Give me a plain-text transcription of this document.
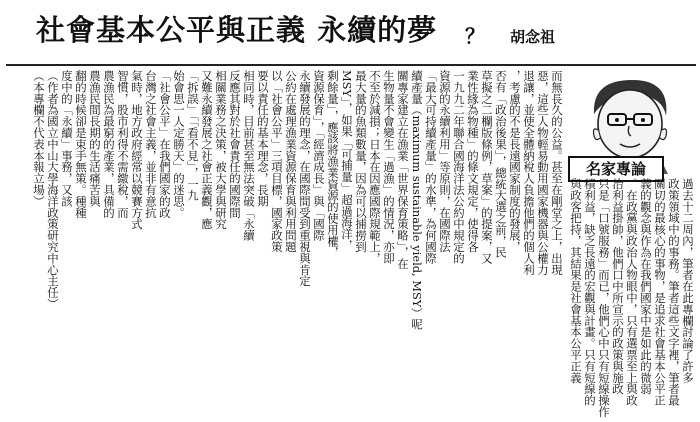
社會基本公平與正義 永續的夢 ？ 胡念祖
名家專論
過去十二周內，筆者在此專欄討論了許多
政策領域中的事務。筆者這些文字裡，筆者最
關切的最核心的事物，是追求社會基本公平正
義的觀念與作為在我們國家中是如此的微弱
。在政黨與政治人物眼中，只有選票至上與政
治利益掛帥，他們口中所宣示的政策與施政
只是「口號服務」而已，他們心中只有短線操作
積利益，缺乏長遠的宏觀與計畫。只有短線的
與政客把持，其結果是社會基本公平正義
而無長久的公益。甚至在剛堂之上，出現
惡，這些人物輕易動用國家機器與公權力
退讓，並使全體納稅人負擔他們的個人利
，考慮的不是長遠國家制度的發展，
否有「政治後果」，總統大選之前，民
草擬之二欄版條例，草案」的提案，又
業性緣為物種」的條文規定，使得各
一九九二年聯合國海洋法公約中規定的
資源的永續利用」等原則，在國際法
「最大可持續產量」的水準，為何國際
續產量（maximum sustainable yield, MSY）呢
關專家建立在漁業「世界保育策略」，在
生物量不會變生「過漁」的情況，亦即
不至於減損；日本在因應國際規範上，
最大量的魚類數量，因為可以捕撈到
MSY」，如果「可捕量」超過海洋，
剩餘量」，應該將漁業資源的使用權，
資源保育」，「經濟成長」與「國際
永續發展的理念，在國際間受到重視與肯定
公約在處理漁業資源保育與利用問題
以「社會公平」三項目標，國家政策
要以責任的基本理念，長期
相同時，目前甚至無法突破「永續
反應其對於社會責任的國際間
相關業務之決策，被大學與研究
又難永續發展之社會正義觀，應
「拆誤」「「看不見」，一九
始會思一人定勝天」的迷思。
「社會公平」在我們國家的政
台灣之社會主義，並非有意抗
氣時，地方政府經常以競賽方式
智慣，股市利得不需繳稅，而
農漁民為最窮的產業，具備的
農漁民間長期的生活痛苦與
翻的時候卻是束手無策。種種
度中的「永續」事務，又該
（作者為國立中山大學海洋政策研究中心主任）
（本專欄不代表本報立場）
